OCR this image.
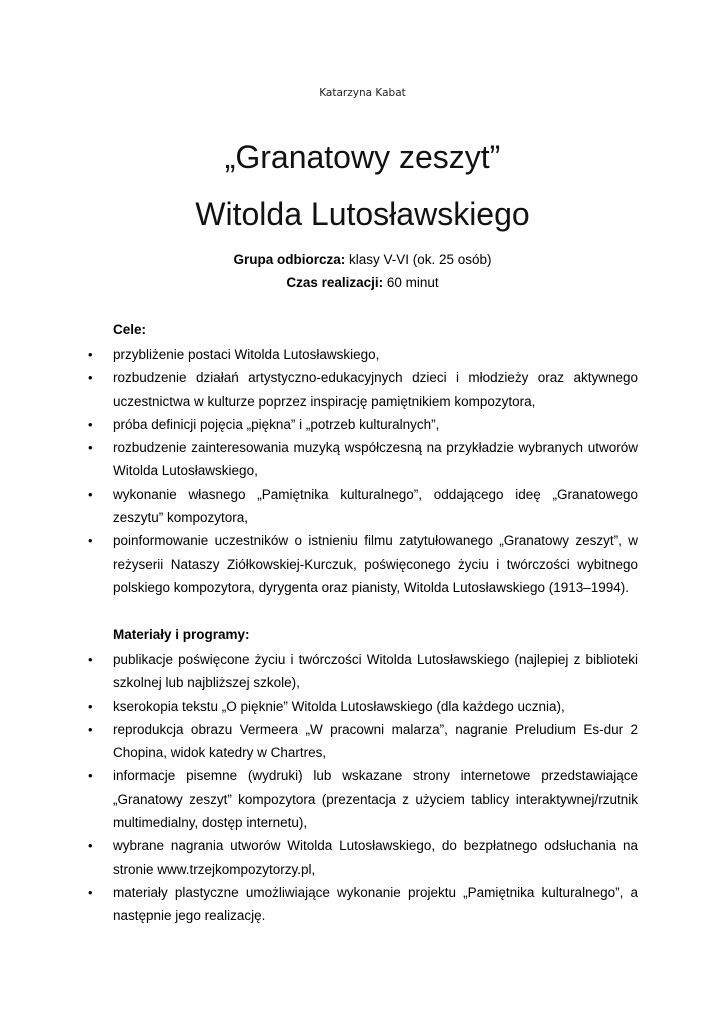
Katarzyna Kabat
„Granatowy zeszyt”
Witolda Lutosławskiego
Grupa odbiorcza: klasy V-VI (ok. 25 osób)
Czas realizacji: 60 minut
Cele:
• przybliżenie postaci Witolda Lutosławskiego,
• rozbudzenie działań artystyczno-edukacyjnych dzieci i młodzieży oraz aktywnego uczestnictwa w kulturze poprzez inspirację pamiętnikiem kompozytora,
• próba definicji pojęcia „piękna” i „potrzeb kulturalnych”,
• rozbudzenie zainteresowania muzyką współczesną na przykładzie wybranych utworów Witolda Lutosławskiego,
• wykonanie własnego „Pamiętnika kulturalnego”, oddającego ideę „Granatowego zeszytu” kompozytora,
• poinformowanie uczestników o istnieniu filmu zatytułowanego „Granatowy zeszyt”, w reżyserii Nataszy Ziółkowskiej-Kurczuk, poświęconego życiu i twórczości wybitnego polskiego kompozytora, dyrygenta oraz pianisty, Witolda Lutosławskiego (1913–1994).
Materiały i programy:
• publikacje poświęcone życiu i twórczości Witolda Lutosławskiego (najlepiej z biblioteki szkolnej lub najbliższej szkole),
• kserokopia tekstu „O pięknie” Witolda Lutosławskiego (dla każdego ucznia),
• reprodukcja obrazu Vermeera „W pracowni malarza”, nagranie Preludium Es-dur 2 Chopina, widok katedry w Chartres,
• informacje pisemne (wydruki) lub wskazane strony internetowe przedstawiające „Granatowy zeszyt” kompozytora (prezentacja z użyciem tablicy interaktywnej/rzutnik multimedialny, dostęp internetu),
• wybrane nagrania utworów Witolda Lutosławskiego, do bezpłatnego odsłuchania na stronie www.trzejkompozytorzy.pl,
• materiały plastyczne umożliwiające wykonanie projektu „Pamiętnika kulturalnego”, a następnie jego realizację.
